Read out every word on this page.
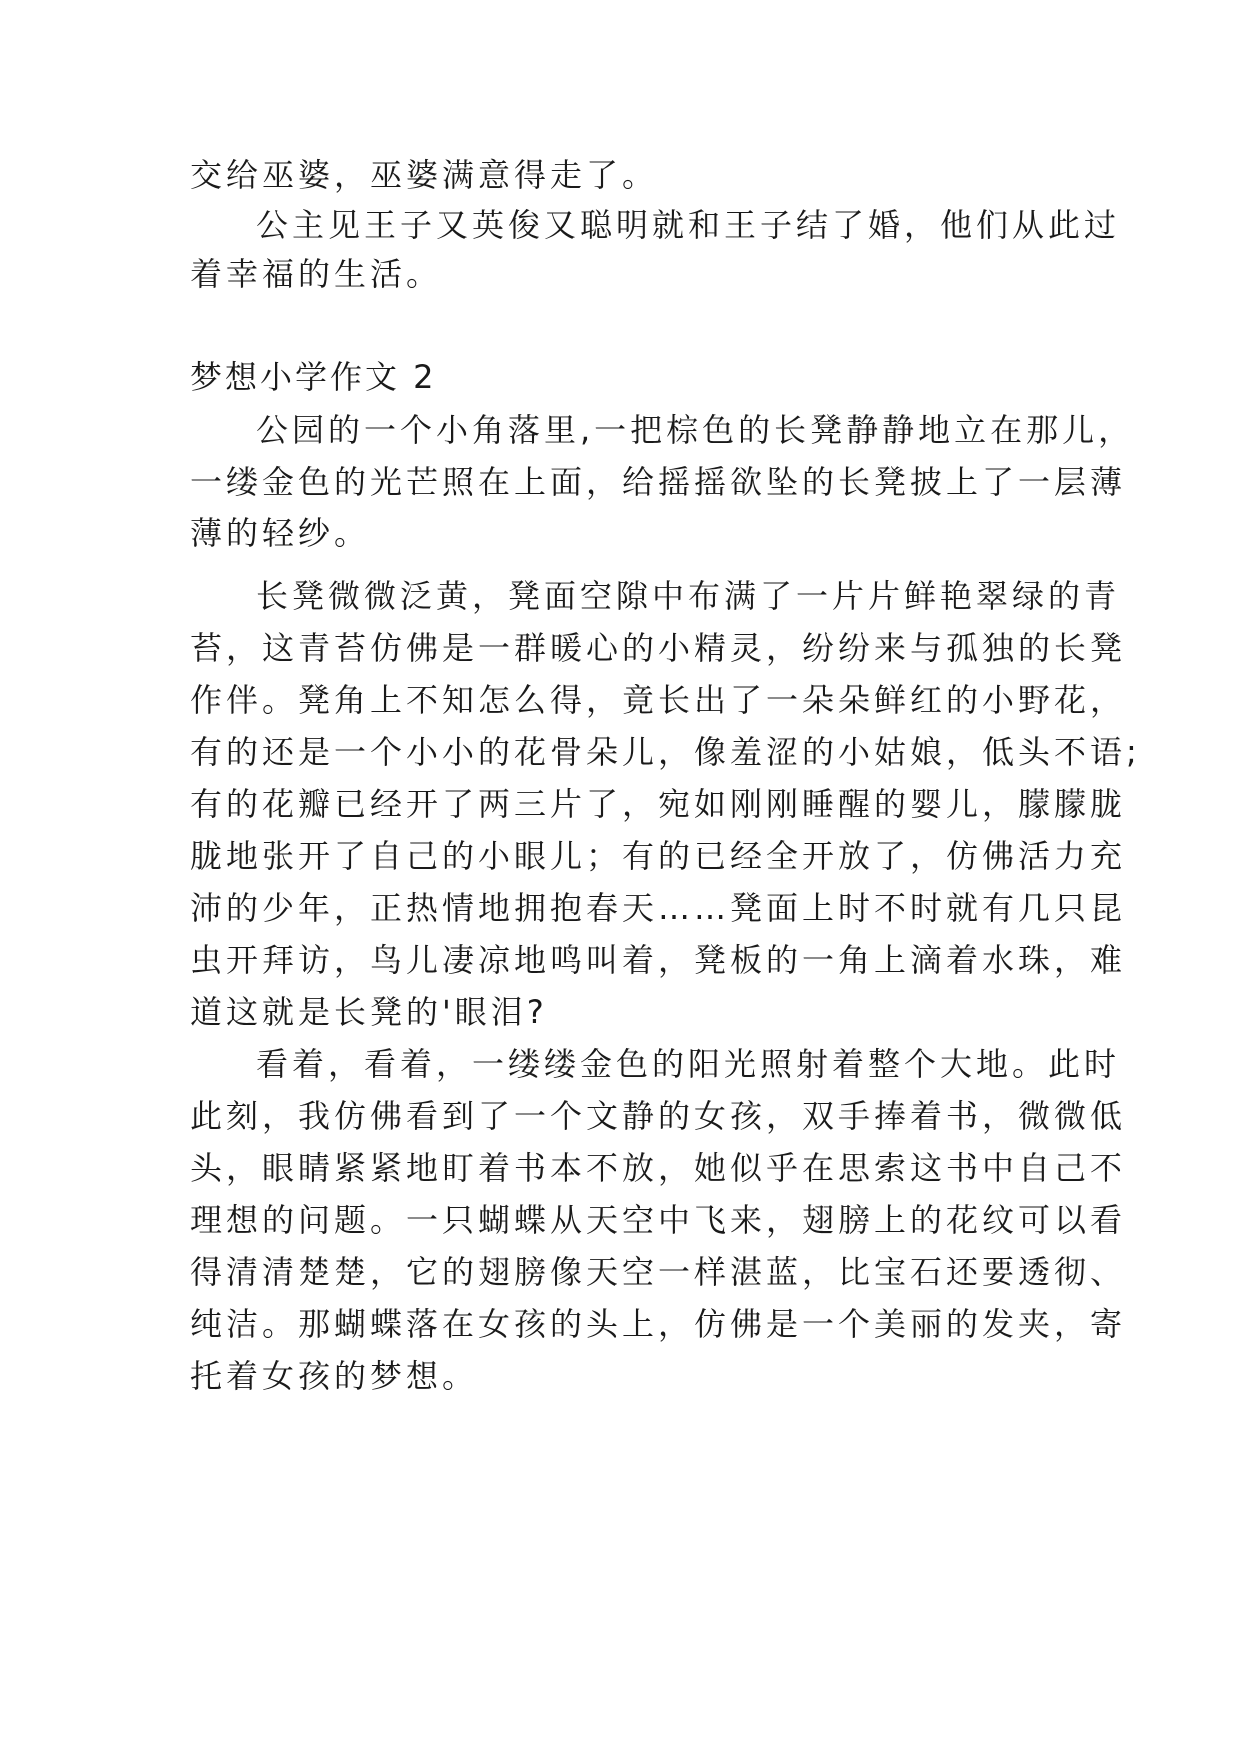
交给巫婆，巫婆满意得走了。
公主见王子又英俊又聪明就和王子结了婚，他们从此过
着幸福的生活。
梦想小学作文 2
公园的一个小角落里,一把棕色的长凳静静地立在那儿，
一缕金色的光芒照在上面，给摇摇欲坠的长凳披上了一层薄
薄的轻纱。
长凳微微泛黄，凳面空隙中布满了一片片鲜艳翠绿的青
苔，这青苔仿佛是一群暖心的小精灵，纷纷来与孤独的长凳
作伴。凳角上不知怎么得，竟长出了一朵朵鲜红的小野花，
有的还是一个小小的花骨朵儿，像羞涩的小姑娘，低头不语;
有的花瓣已经开了两三片了，宛如刚刚睡醒的婴儿，朦朦胧
胧地张开了自己的小眼儿；有的已经全开放了，仿佛活力充
沛的少年，正热情地拥抱春天……凳面上时不时就有几只昆
虫开拜访，鸟儿凄凉地鸣叫着，凳板的一角上滴着水珠，难
道这就是长凳的'眼泪?
看着，看着，一缕缕金色的阳光照射着整个大地。此时
此刻，我仿佛看到了一个文静的女孩，双手捧着书，微微低
头，眼睛紧紧地盯着书本不放，她似乎在思索这书中自己不
理想的问题。一只蝴蝶从天空中飞来，翅膀上的花纹可以看
得清清楚楚，它的翅膀像天空一样湛蓝，比宝石还要透彻、
纯洁。那蝴蝶落在女孩的头上，仿佛是一个美丽的发夹，寄
托着女孩的梦想。
